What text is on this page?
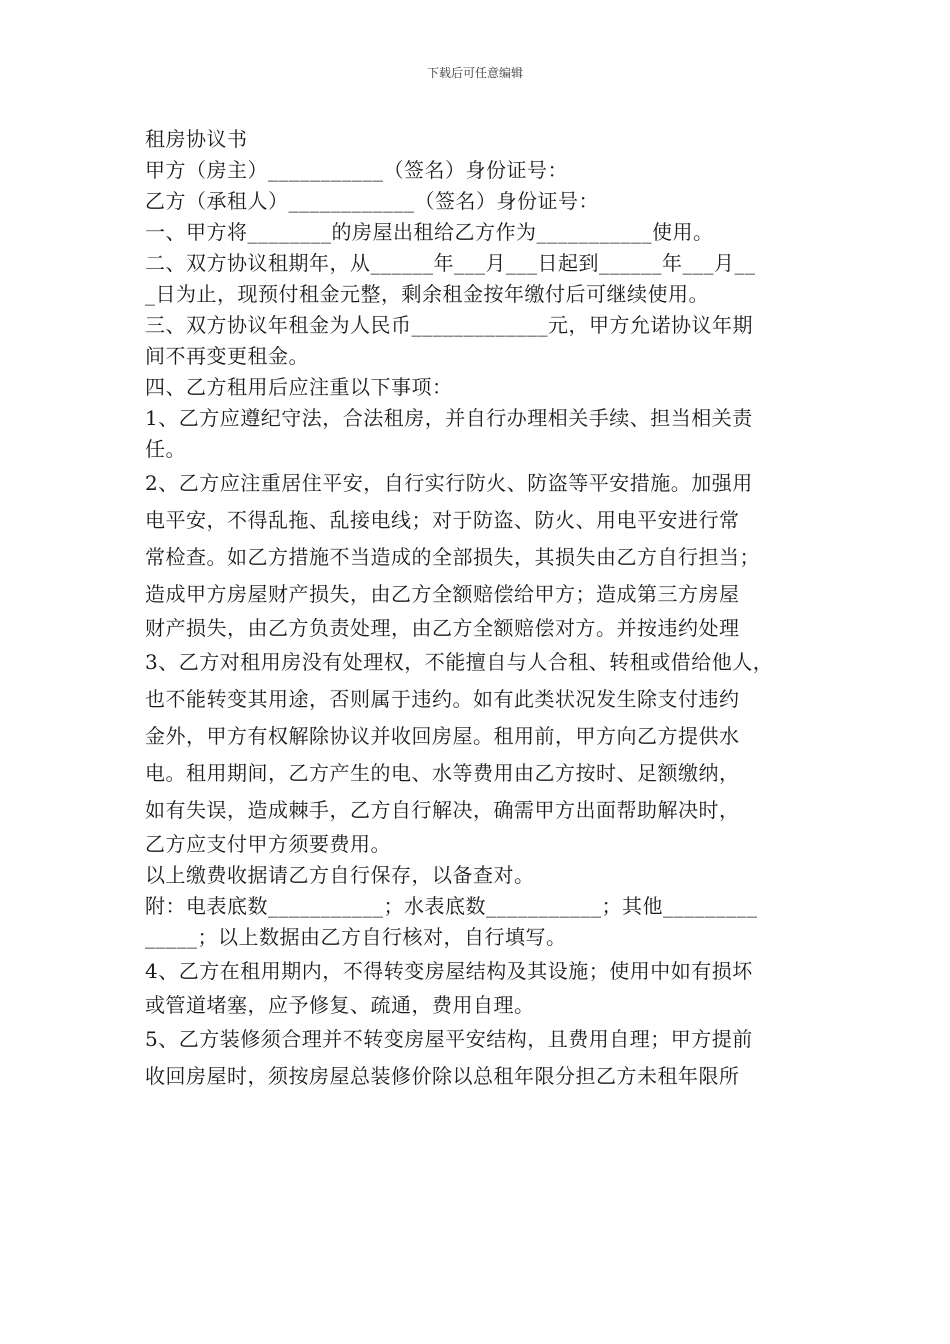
下载后可任意编辑
租房协议书
甲方（房主）___________（签名）身份证号：
乙方（承租人）____________（签名）身份证号：
一、甲方将________的房屋出租给乙方作为___________使用。
二、双方协议租期年，从______年___月___日起到______年___月__
_日为止，现预付租金元整，剩余租金按年缴付后可继续使用。
三、双方协议年租金为人民币_____________元，甲方允诺协议年期
间不再变更租金。
四、乙方租用后应注重以下事项：
1、乙方应遵纪守法，合法租房，并自行办理相关手续、担当相关责
任。
2、乙方应注重居住平安，自行实行防火、防盗等平安措施。加强用
电平安，不得乱拖、乱接电线；对于防盗、防火、用电平安进行常
常检查。如乙方措施不当造成的全部损失，其损失由乙方自行担当；
造成甲方房屋财产损失，由乙方全额赔偿给甲方；造成第三方房屋
财产损失，由乙方负责处理，由乙方全额赔偿对方。并按违约处理
3、乙方对租用房没有处理权，不能擅自与人合租、转租或借给他人，
也不能转变其用途，否则属于违约。如有此类状况发生除支付违约
金外，甲方有权解除协议并收回房屋。租用前，甲方向乙方提供水
电。租用期间，乙方产生的电、水等费用由乙方按时、足额缴纳，
如有失误，造成棘手，乙方自行解决，确需甲方出面帮助解决时，
乙方应支付甲方须要费用。
以上缴费收据请乙方自行保存，以备查对。
附：电表底数___________；水表底数___________；其他_________
_____；以上数据由乙方自行核对，自行填写。
4、乙方在租用期内，不得转变房屋结构及其设施；使用中如有损坏
或管道堵塞，应予修复、疏通，费用自理。
5、乙方装修须合理并不转变房屋平安结构，且费用自理；甲方提前
收回房屋时，须按房屋总装修价除以总租年限分担乙方未租年限所
